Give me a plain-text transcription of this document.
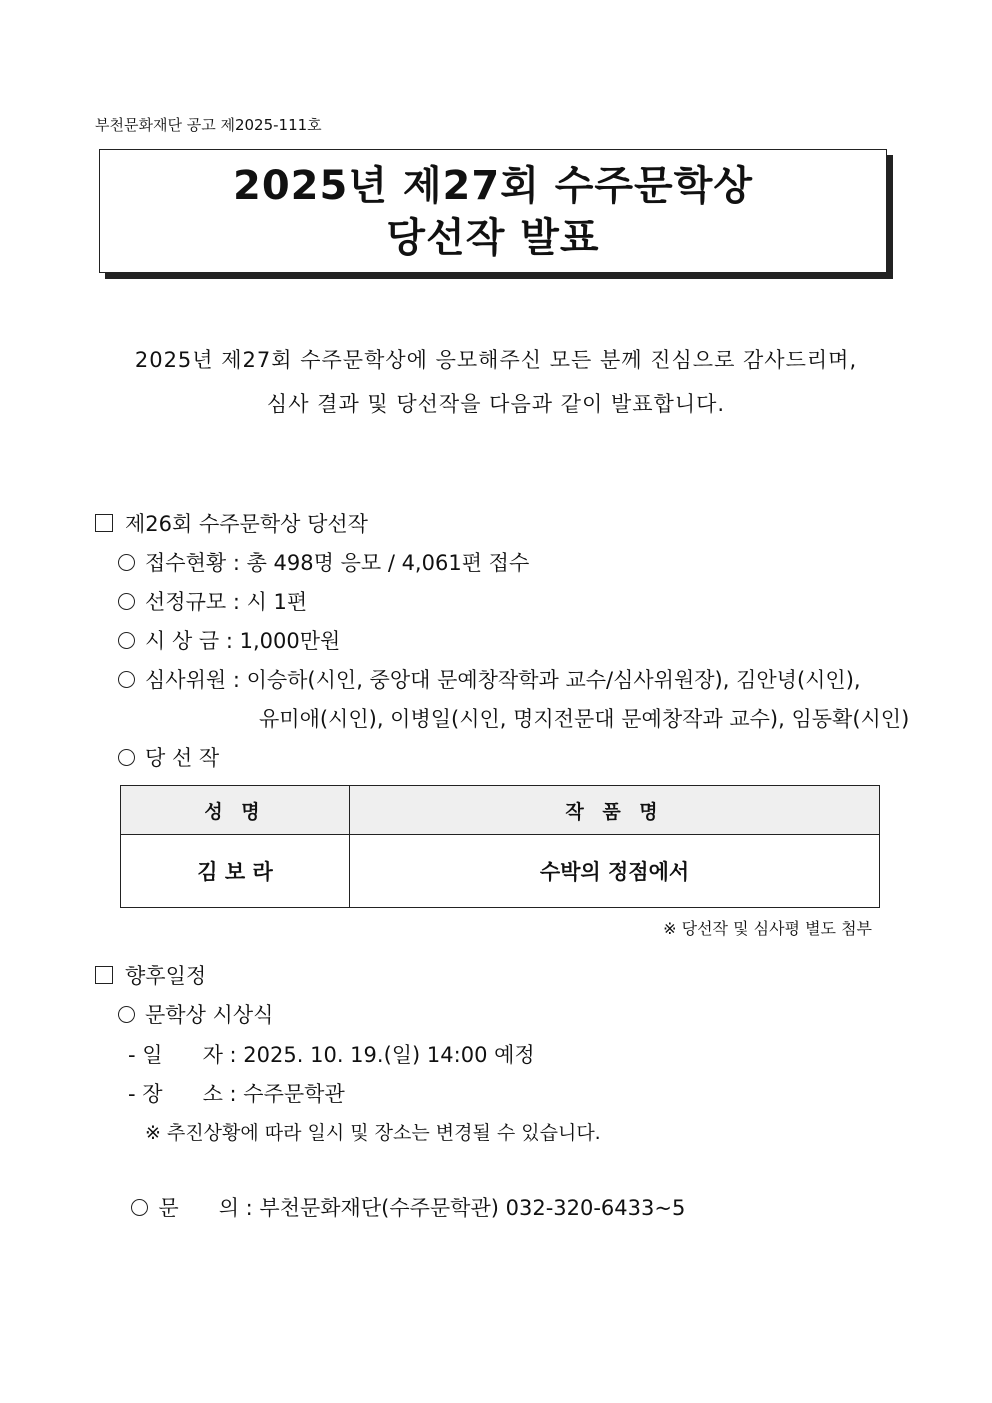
부천문화재단 공고 제2025-111호
2025년 제27회 수주문학상
당선작 발표
2025년 제27회 수주문학상에 응모해주신 모든 분께 진심으로 감사드리며,
심사 결과 및 당선작을 다음과 같이 발표합니다.
제26회 수주문학상 당선작
접수현황 : 총 498명 응모 / 4,061편 접수
선정규모 : 시 1편
시 상 금 : 1,000만원
심사위원 : 이승하(시인, 중앙대 문예창작학과 교수/심사위원장), 김안녕(시인),
유미애(시인), 이병일(시인, 명지전문대 문예창작과 교수), 임동확(시인)
당 선 작
성 명	작 품 명
김 보 라	수박의 정점에서
※ 당선작 및 심사평 별도 첨부
향후일정
문학상 시상식
- 일      자 : 2025. 10. 19.(일) 14:00 예정
- 장      소 : 수주문학관
※ 추진상황에 따라 일시 및 장소는 변경될 수 있습니다.

문      의 : 부천문화재단(수주문학관) 032-320-6433~5
